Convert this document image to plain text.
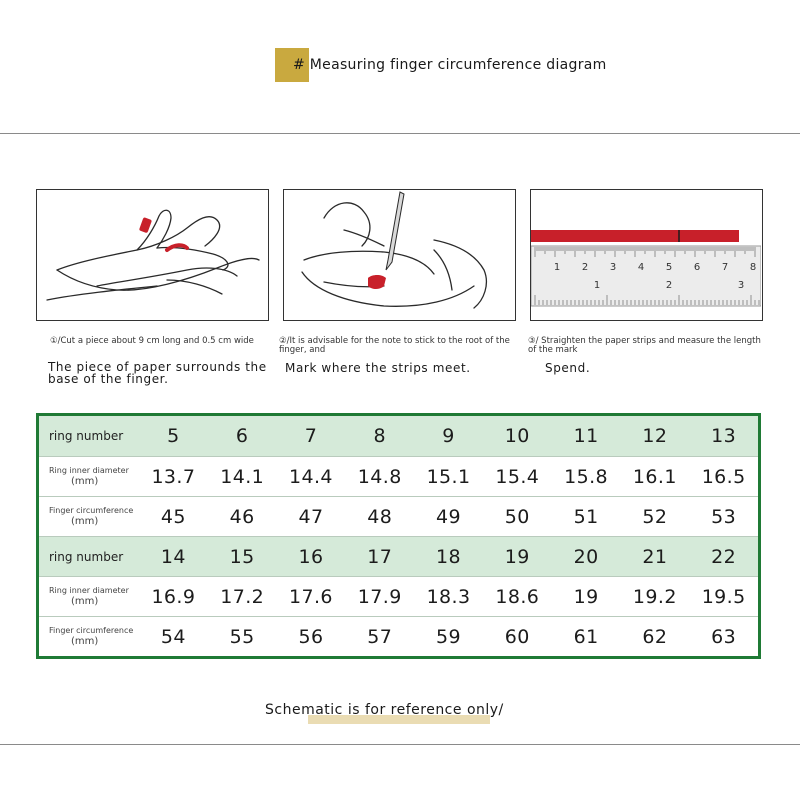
# Measuring finger circumference diagram
1 2 3 4 5 6 7 8
1	2	3
①/Cut a piece about 9 cm long and 0.5 cm wide
The piece of paper surrounds the base of the finger.
②/It is advisable for the note to stick to the root of the finger, and
Mark where the strips meet.
③/ Straighten the paper strips and measure the length of the mark
Spend.
ring number	5	6	7	8	9	10	11	12	13
Ring inner diameter
(mm)	13.7	14.1	14.4	14.8	15.1	15.4	15.8	16.1	16.5
Finger circumference
(mm)	45	46	47	48	49	50	51	52	53
ring number	14	15	16	17	18	19	20	21	22
Ring inner diameter
(mm)	16.9	17.2	17.6	17.9	18.3	18.6	19	19.2	19.5
Finger circumference
(mm)	54	55	56	57	59	60	61	62	63
Schematic is for reference only/
